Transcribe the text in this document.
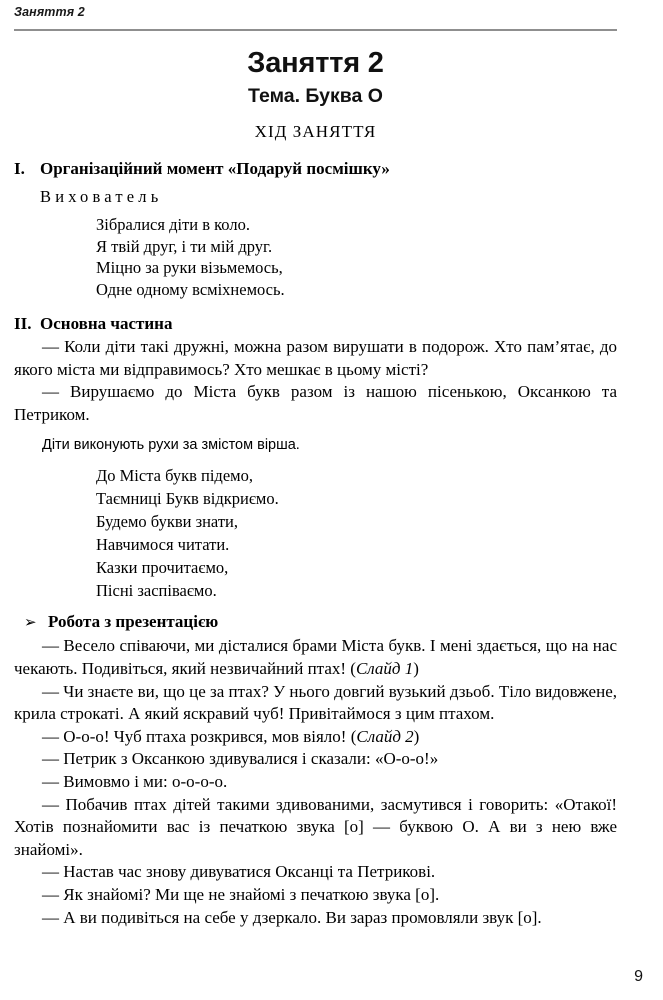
Заняття 2
Заняття 2
Тема. Буква О
ХІД ЗАНЯТТЯ
I. Організаційний момент «Подаруй посмішку»
Вихователь
Зібралися діти в коло.
Я твій друг, і ти мій друг.
Міцно за руки візьмемось,
Одне одному всміхнемось.
II. Основна частина

— Коли діти такі дружні, можна разом вирушати в подорож. Хто пам’ятає, до якого міста ми відправимось? Хто мешкає в цьому місті?

— Вирушаємо до Міста букв разом із нашою пісенькою, Оксанкою та Петриком.

Діти виконують рухи за змістом вірша.

До Міста букв підемо,
Таємниці Букв відкриємо.
Будемо букви знати,
Навчимося читати.
Казки прочитаємо,
Пісні заспіваємо.
➢ Робота з презентацією

— Весело співаючи, ми дісталися брами Міста букв. І мені здається, що на нас чекають. Подивіться, який незвичайний птах! (Слайд 1)

— Чи знаєте ви, що це за птах? У нього довгий вузький дзьоб. Тіло видовжене, крила строкаті. А який яскравий чуб! Привітаймося з цим птахом.

— О-о-о! Чуб птаха розкрився, мов віяло! (Слайд 2)

— Петрик з Оксанкою здивувалися і сказали: «О-о-о!»

— Вимовмо і ми: о-о-о-о.

— Побачив птах дітей такими здивованими, засмутився і говорить: «Отакої! Хотів познайомити вас із печаткою звука [о] — буквою О. А ви з нею вже знайомі».

— Настав час знову дивуватися Оксанці та Петрикові.

— Як знайомі? Ми ще не знайомі з печаткою звука [о].

— А ви подивіться на себе у дзеркало. Ви зараз промовляли звук [о].

9
